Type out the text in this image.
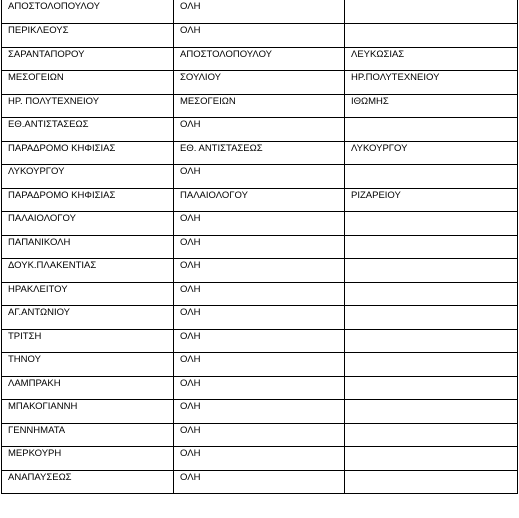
ΑΠΟΣΤΟΛΟΠΟΥΛΟΥ	ΟΛΗ	
ΠΕΡΙΚΛΕΟΥΣ	ΟΛΗ	
ΣΑΡΑΝΤΑΠΟΡΟΥ	ΑΠΟΣΤΟΛΟΠΟΥΛΟΥ	ΛΕΥΚΩΣΙΑΣ
ΜΕΣΟΓΕΙΩΝ	ΣΟΥΛΙΟΥ	ΗΡ.ΠΟΛΥΤΕΧΝΕΙΟΥ
ΗΡ. ΠΟΛΥΤΕΧΝΕΙΟΥ	ΜΕΣΟΓΕΙΩΝ	ΙΘΩΜΗΣ
ΕΘ.ΑΝΤΙΣΤΑΣΕΩΣ	ΟΛΗ	
ΠΑΡΑΔΡΟΜΟ ΚΗΦΙΣΙΑΣ	ΕΘ. ΑΝΤΙΣΤΑΣΕΩΣ	ΛΥΚΟΥΡΓΟΥ
ΛΥΚΟΥΡΓΟΥ	ΟΛΗ	
ΠΑΡΑΔΡΟΜΟ ΚΗΦΙΣΙΑΣ	ΠΑΛΑΙΟΛΟΓΟΥ	ΡΙΖΑΡΕΙΟΥ
ΠΑΛΑΙΟΛΟΓΟΥ	ΟΛΗ	
ΠΑΠΑΝΙΚΟΛΗ	ΟΛΗ	
ΔΟΥΚ.ΠΛΑΚΕΝΤΙΑΣ	ΟΛΗ	
ΗΡΑΚΛΕΙΤΟΥ	ΟΛΗ	
ΑΓ.ΑΝΤΩΝΙΟΥ	ΟΛΗ	
ΤΡΙΤΣΗ	ΟΛΗ	
ΤΗΝΟΥ	ΟΛΗ	
ΛΑΜΠΡΑΚΗ	ΟΛΗ	
ΜΠΑΚΟΓΙΑΝΝΗ	ΟΛΗ	
ΓΕΝΝΗΜΑΤΑ	ΟΛΗ	
ΜΕΡΚΟΥΡΗ	ΟΛΗ	
ΑΝΑΠΑΥΣΕΩΣ	ΟΛΗ	
